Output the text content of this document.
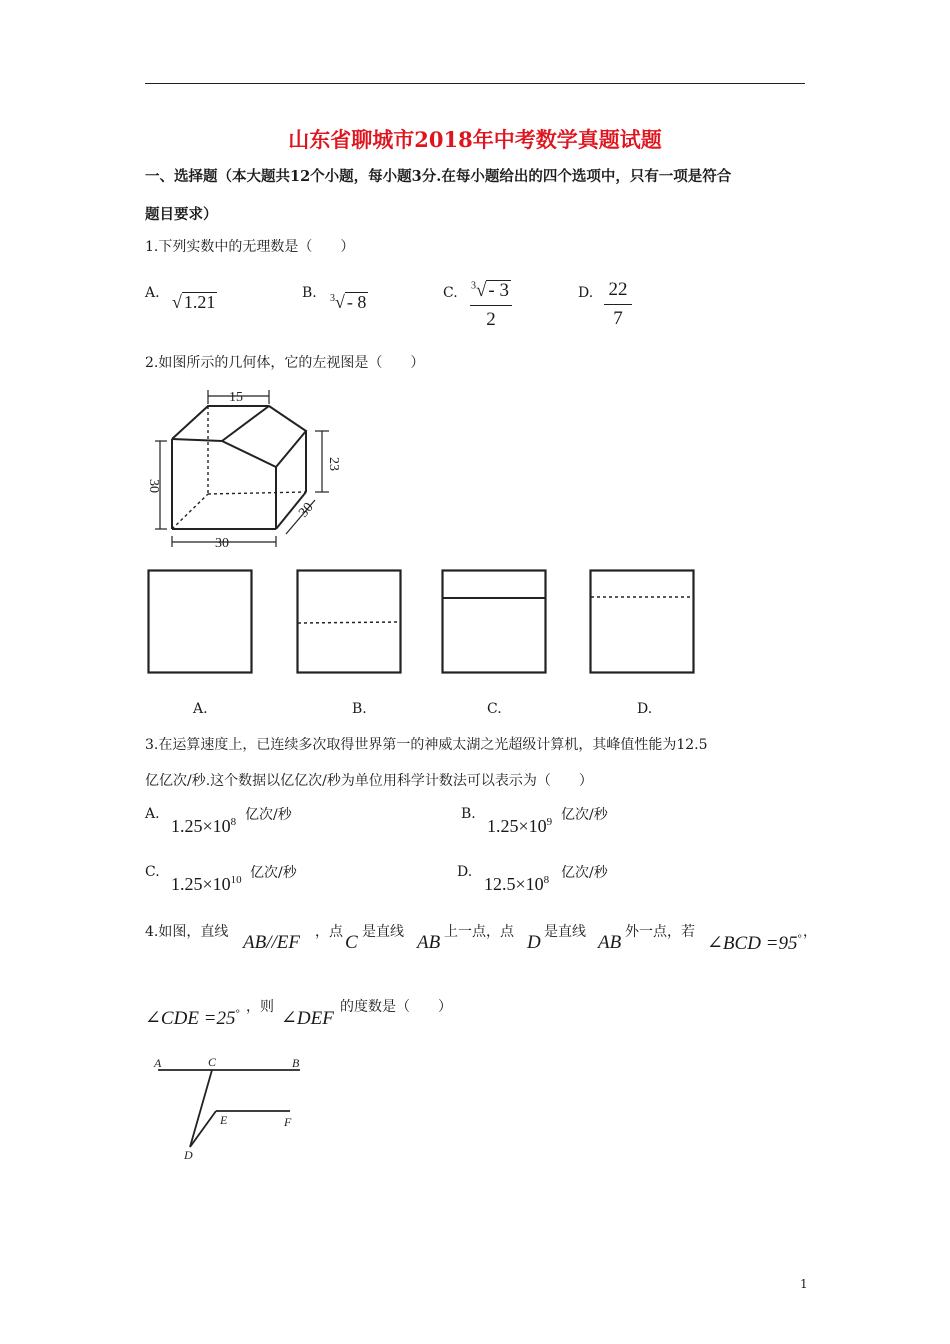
山东省聊城市2018年中考数学真题试题
一、选择题（本大题共12个小题，每小题3分.在每小题给出的四个选项中，只有一项是符合
题目要求）
1.下列实数中的无理数是（　　）
A. √ 1.21	B. $^3$√ - 8	C. $^3$√ - 3
2
D. 22
7
2.如图所示的几何体，它的左视图是（　　）
15
30
23
30
30
A.	B.	C.	D.
3.在运算速度上，已连续多次取得世界第一的神威太湖之光超级计算机，其峰值性能为12.5
亿亿次/秒.这个数据以亿亿次/秒为单位用科学计数法可以表示为（　　）
A.
$1.25\times 10^8$ 亿次/秒	B.
$1.25\times 10^9$ 亿次/秒
C.
$1.25\times 10^{10}$ 亿次/秒	D.
$12.5\times 10^8$ 亿次/秒
4.如图，直线 AB//EF ，点 C 是直线 AB 上一点，点 D 是直线 AB 外一点，若
∠BCD =95° ，
∠CDE =25° ，则
∠DEF
的度数是（　　）
A	C	B
E	F
D
1
